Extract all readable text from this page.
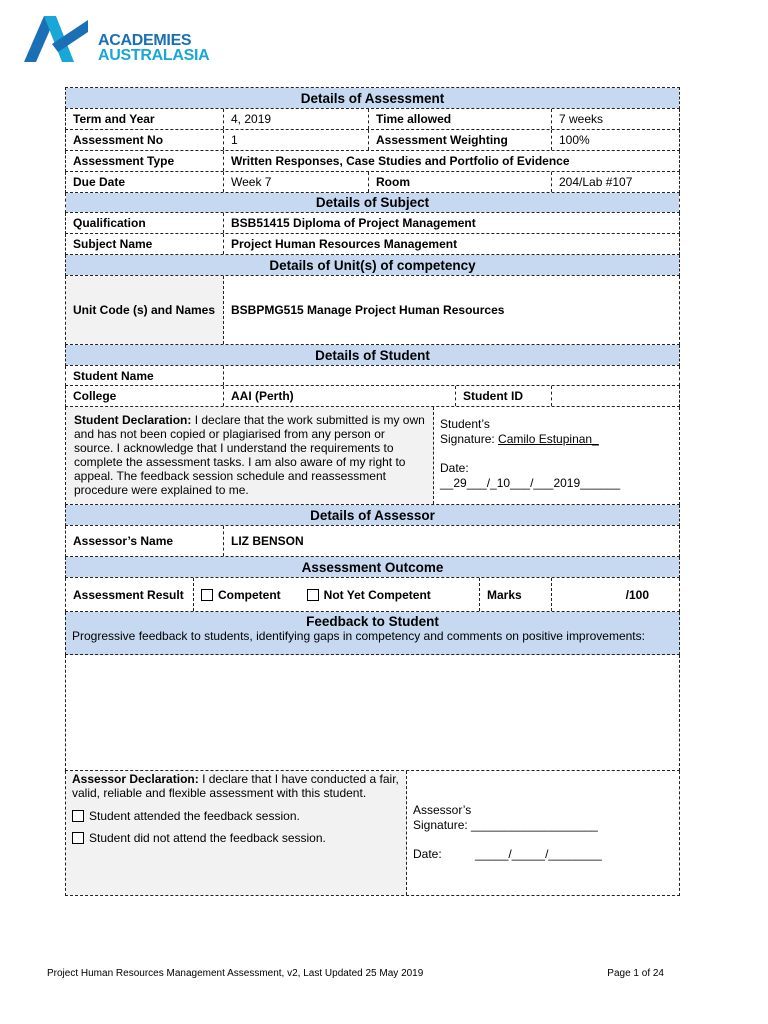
ACADEMIES
AUSTRALASIA
Details of Assessment
Term and Year	4, 2019	Time allowed	7 weeks
Assessment No	1	Assessment Weighting	100%
Assessment Type	Written Responses, Case Studies and Portfolio of Evidence
Due Date	Week 7	Room	204/Lab #107
Details of Subject
Qualification	BSB51415 Diploma of Project Management
Subject Name	Project Human Resources Management
Details of Unit(s) of competency
Unit Code (s) and Names	BSBPMG515 Manage Project Human Resources
Details of Student
Student Name
College	AAI (Perth)	Student ID
Student Declaration: I declare that the work submitted is my own and has not been copied or plagiarised from any person or source. I acknowledge that I understand the requirements to complete the assessment tasks. I am also aware of my right to appeal. The feedback session schedule and reassessment procedure were explained to me.
Student’s
Signature: Camilo Estupinan_
Date:
__29___/_10___/___2019______
Details of Assessor
Assessor’s Name	LIZ BENSON
Assessment Outcome
Assessment Result	Competent	Not Yet Competent	Marks	/100
Feedback to Student
Progressive feedback to students, identifying gaps in competency and comments on positive improvements:
Assessor Declaration: I declare that I have conducted a fair, valid, reliable and flexible assessment with this student.
Student attended the feedback session.
Student did not attend the feedback session.
Assessor’s
Signature: ___________________
Date:	_____/_____/________
Project Human Resources Management Assessment, v2, Last Updated 25 May 2019	Page 1 of 24
